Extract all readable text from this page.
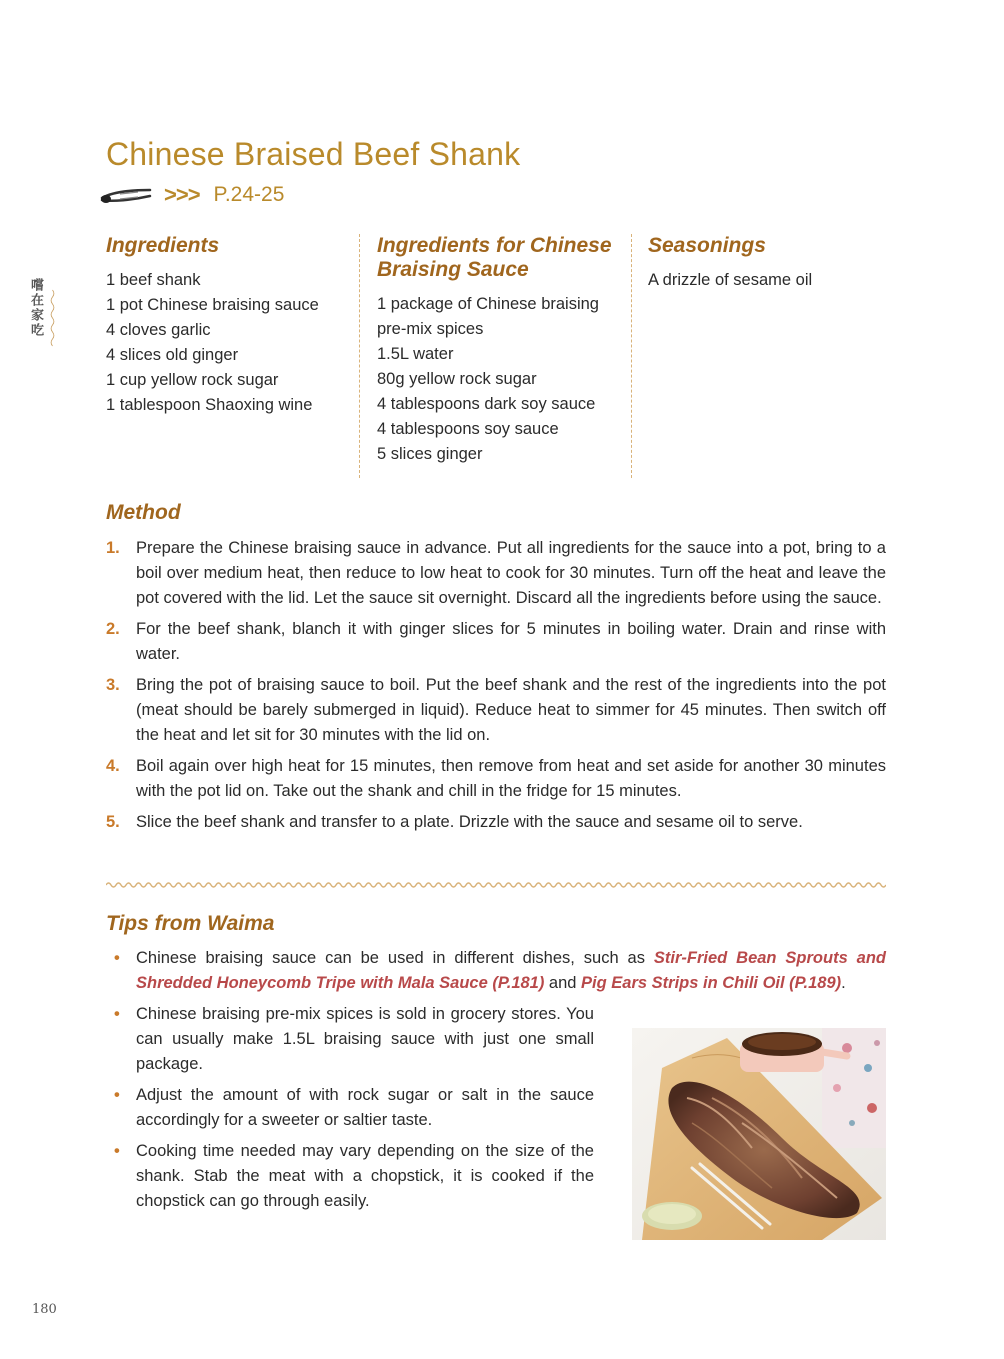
Chinese Braised Beef Shank
>>> P.24-25
嚐在家吃
Ingredients
1 beef shank
1 pot Chinese braising sauce
4 cloves garlic
4 slices old ginger
1 cup yellow rock sugar
1 tablespoon Shaoxing wine
Ingredients for Chinese Braising Sauce
1 package of Chinese braising
pre-mix spices
1.5L water
80g yellow rock sugar
4 tablespoons dark soy sauce
4 tablespoons soy sauce
5 slices ginger
Seasonings
A drizzle of sesame oil
Method
1. Prepare the Chinese braising sauce in advance. Put all ingredients for the sauce into a pot, bring to a boil over medium heat, then reduce to low heat to cook for 30 minutes. Turn off the heat and leave the pot covered with the lid. Let the sauce sit overnight. Discard all the ingredients before using the sauce.
2. For the beef shank, blanch it with ginger slices for 5 minutes in boiling water. Drain and rinse with water.
3. Bring the pot of braising sauce to boil. Put the beef shank and the rest of the ingredients into the pot (meat should be barely submerged in liquid). Reduce heat to simmer for 45 minutes. Then switch off the heat and let sit for 30 minutes with the lid on.
4. Boil again over high heat for 15 minutes, then remove from heat and set aside for another 30 minutes with the pot lid on. Take out the shank and chill in the fridge for 15 minutes.
5. Slice the beef shank and transfer to a plate. Drizzle with the sauce and sesame oil to serve.
Tips from Waima
• Chinese braising sauce can be used in different dishes, such as Stir-Fried Bean Sprouts and Shredded Honeycomb Tripe with Mala Sauce (P.181) and Pig Ears Strips in Chili Oil (P.189).
• Chinese braising pre-mix spices is sold in grocery stores. You can usually make 1.5L braising sauce with just one small package.
• Adjust the amount of with rock sugar or salt in the sauce accordingly for a sweeter or saltier taste.
• Cooking time needed may vary depending on the size of the shank. Stab the meat with a chopstick, it is cooked if the chopstick can go through easily.
180
